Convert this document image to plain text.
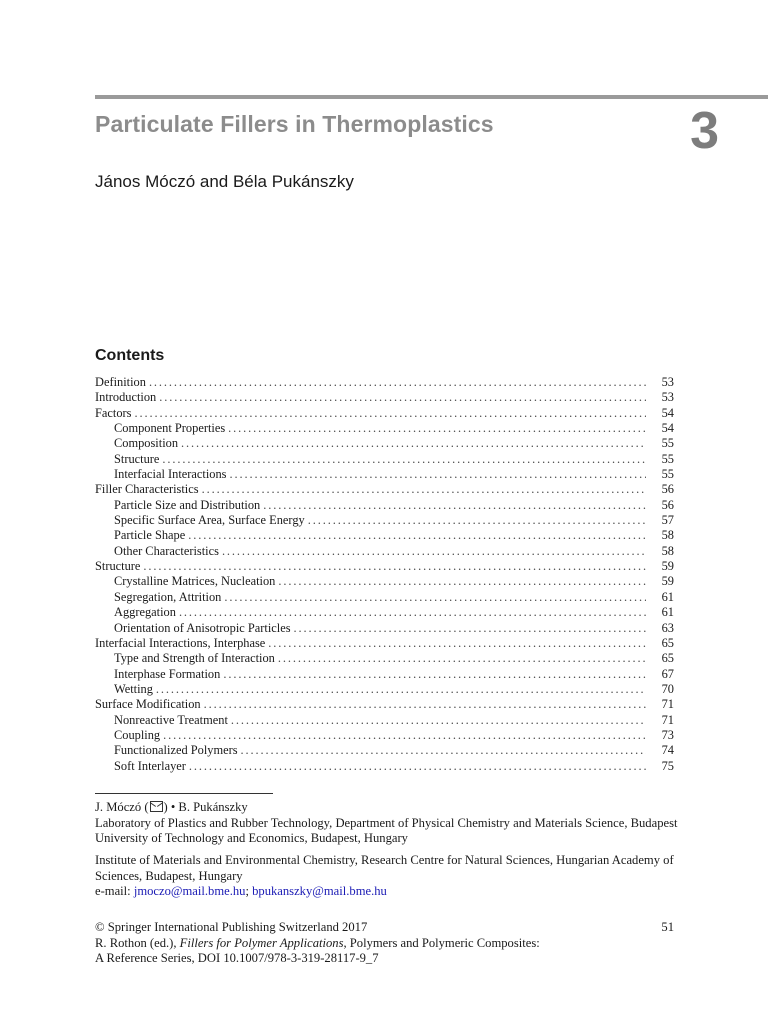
Particulate Fillers in Thermoplastics	3
János Móczó and Béla Pukánszky
Contents
Definition . . .	53
Introduction . . .	53
Factors . . .	54
Component Properties . . .	54
Composition . . .	55
Structure . . .	55
Interfacial Interactions . . .	55
Filler Characteristics . . .	56
Particle Size and Distribution . . .	56
Specific Surface Area, Surface Energy . . .	57
Particle Shape . . .	58
Other Characteristics . . .	58
Structure . . .	59
Crystalline Matrices, Nucleation . . .	59
Segregation, Attrition . . .	61
Aggregation . . .	61
Orientation of Anisotropic Particles . . .	63
Interfacial Interactions, Interphase . . .	65
Type and Strength of Interaction . . .	65
Interphase Formation . . .	67
Wetting . . .	70
Surface Modification . . .	71
Nonreactive Treatment . . .	71
Coupling . . .	73
Functionalized Polymers . . .	74
Soft Interlayer . . .	75
J. Móczó ( ) • B. Pukánszky
Laboratory of Plastics and Rubber Technology, Department of Physical Chemistry and Materials Science, Budapest University of Technology and Economics, Budapest, Hungary
Institute of Materials and Environmental Chemistry, Research Centre for Natural Sciences, Hungarian Academy of Sciences, Budapest, Hungary
e-mail: jmoczo@mail.bme.hu; bpukanszky@mail.bme.hu
© Springer International Publishing Switzerland 2017
R. Rothon (ed.), Fillers for Polymer Applications, Polymers and Polymeric Composites:
A Reference Series, DOI 10.1007/978-3-319-28117-9_7
51
